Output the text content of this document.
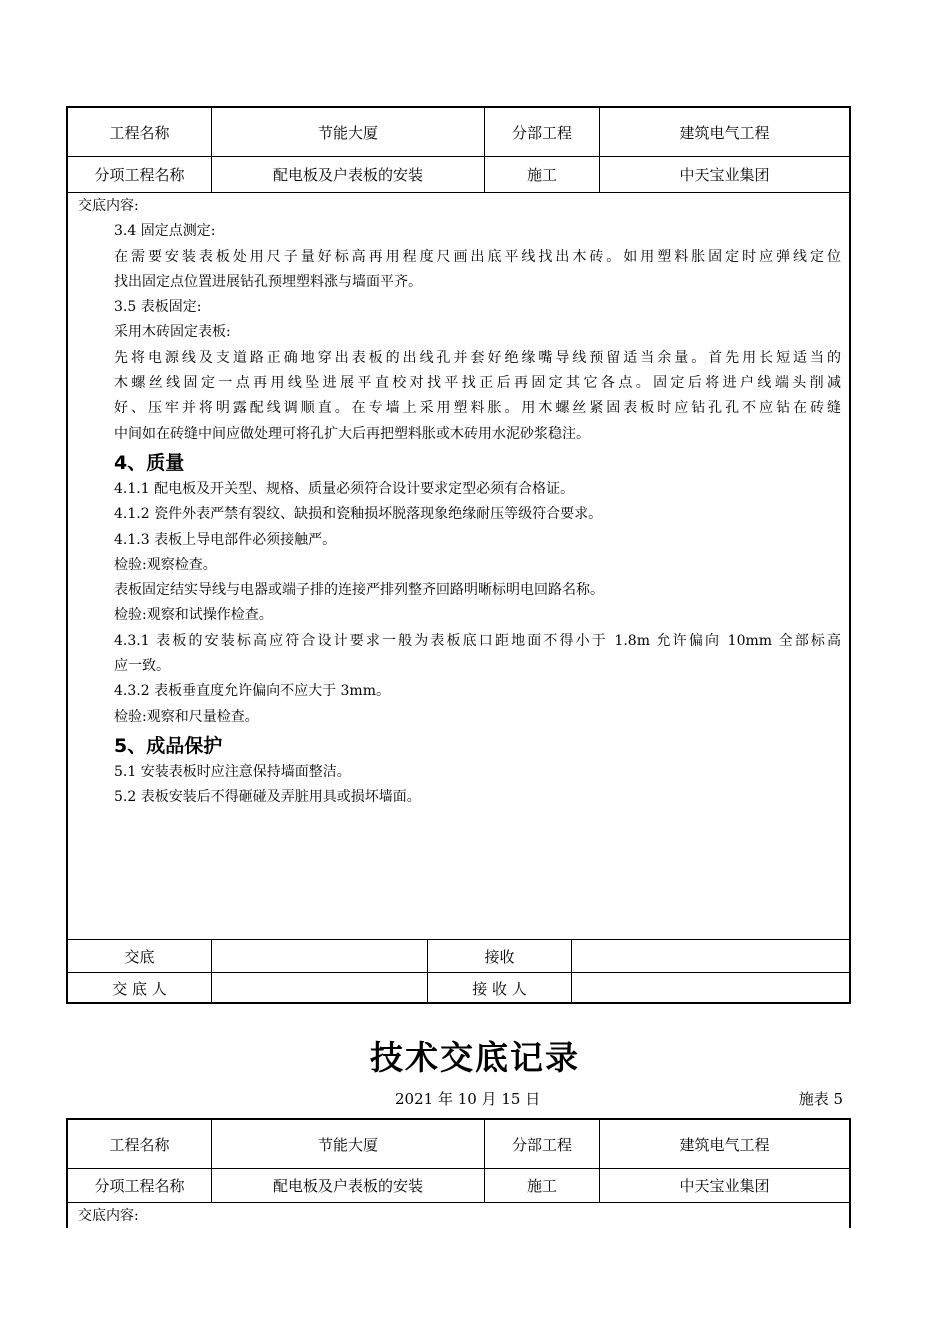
工程名称	节能大厦	分部工程	建筑电气工程
分项工程名称	配电板及户表板的安装	施工	中天宝业集团

交底内容:

3.4 固定点测定:

在需要安装表板处用尺子量好标高再用程度尺画出底平线找出木砖。如用塑料胀固定时应弹线定位

找出固定点位置进展钻孔预埋塑料涨与墙面平齐。

3.5 表板固定:

采用木砖固定表板:

先将电源线及支道路正确地穿出表板的出线孔并套好绝缘嘴导线预留适当余量。首先用长短适当的

木螺丝线固定一点再用线坠进展平直校对找平找正后再固定其它各点。固定后将进户线端头削减

好、压牢并将明露配线调顺直。在专墙上采用塑料胀。用木螺丝紧固表板时应钻孔孔不应钻在砖缝

中间如在砖缝中间应做处理可将孔扩大后再把塑料胀或木砖用水泥砂浆稳注。

4、质量

4.1.1 配电板及开关型、规格、质量必须符合设计要求定型必须有合格证。

4.1.2 瓷件外表严禁有裂纹、缺损和瓷釉损坏脱落现象绝缘耐压等级符合要求。

4.1.3 表板上导电部件必须接触严。

检验:观察检查。

表板固定结实导线与电器或端子排的连接严排列整齐回路明晰标明电回路名称。

检验:观察和试操作检查。

4.3.1 表板的安装标高应符合设计要求一般为表板底口距地面不得小于 1.8m 允许偏向 10mm 全部标高

应一致。

4.3.2 表板垂直度允许偏向不应大于 3mm。

检验:观察和尺量检查。

5、成品保护

5.1 安装表板时应注意保持墙面整洁。

5.2 表板安装后不得砸碰及弄脏用具或损坏墙面。

交底	接收
交 底 人	接 收 人
技术交底记录
2021 年 10 月 15 日	施表 5
工程名称	节能大厦	分部工程	建筑电气工程
分项工程名称	配电板及户表板的安装	施工	中天宝业集团

交底内容:
